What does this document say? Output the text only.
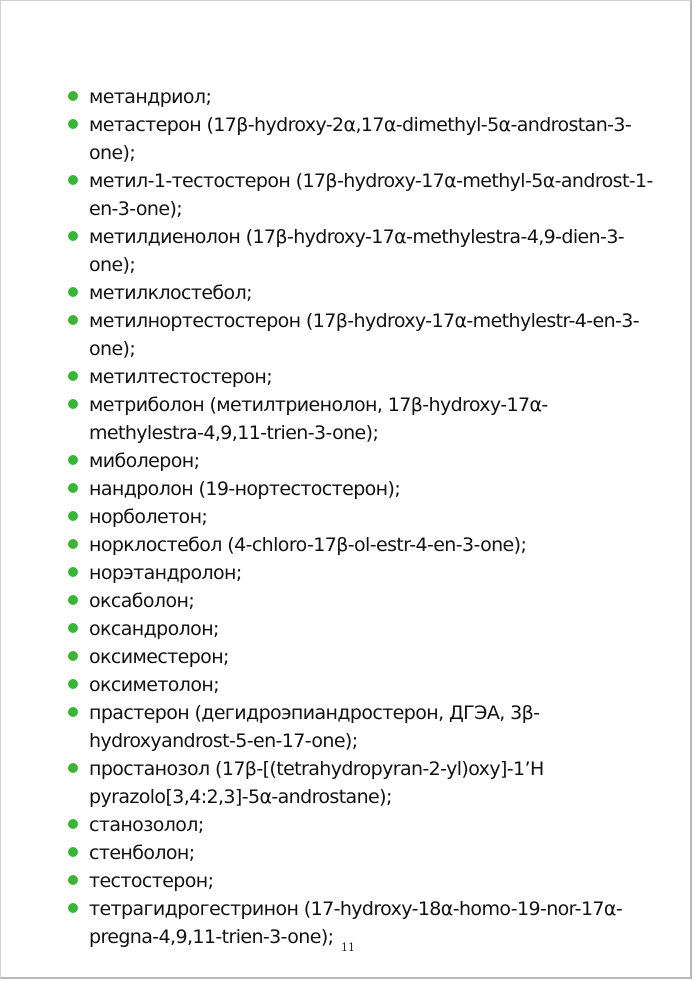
метандриол;
метастерон (17β-hydroxy-2α,17α-dimethyl-5α-androstan-3-one);
метил-1-тестостерон (17β-hydroxy-17α-methyl-5α-androst-1-en-3-one);
метилдиенолон (17β-hydroxy-17α-methylestra-4,9-dien-3-one);
метилклостебол;
метилнортестостерон (17β-hydroxy-17α-methylestr-4-en-3-one);
метилтестостерон;
метриболон (метилтриенолон, 17β-hydroxy-17α-methylestra-4,9,11-trien-3-one);
миболерон;
нандролон (19-нортестостерон);
норболетон;
норклостебол (4-chloro-17β-ol-estr-4-en-3-one);
норэтандролон;
оксаболон;
оксандролон;
оксиместерон;
оксиметолон;
прастерон (дегидроэпиандростерон, ДГЭА, 3β-hydroxyandrost-5-en-17-one);
простанозол (17β-[(tetrahydropyran-2-yl)oxy]-1’H pyrazolo[3,4:2,3]-5α-androstane);
станозолол;
стенболон;
тестостерон;
тетрагидрогестринон (17-hydroxy-18α-homo-19-nor-17α-pregna-4,9,11-trien-3-one); 11
